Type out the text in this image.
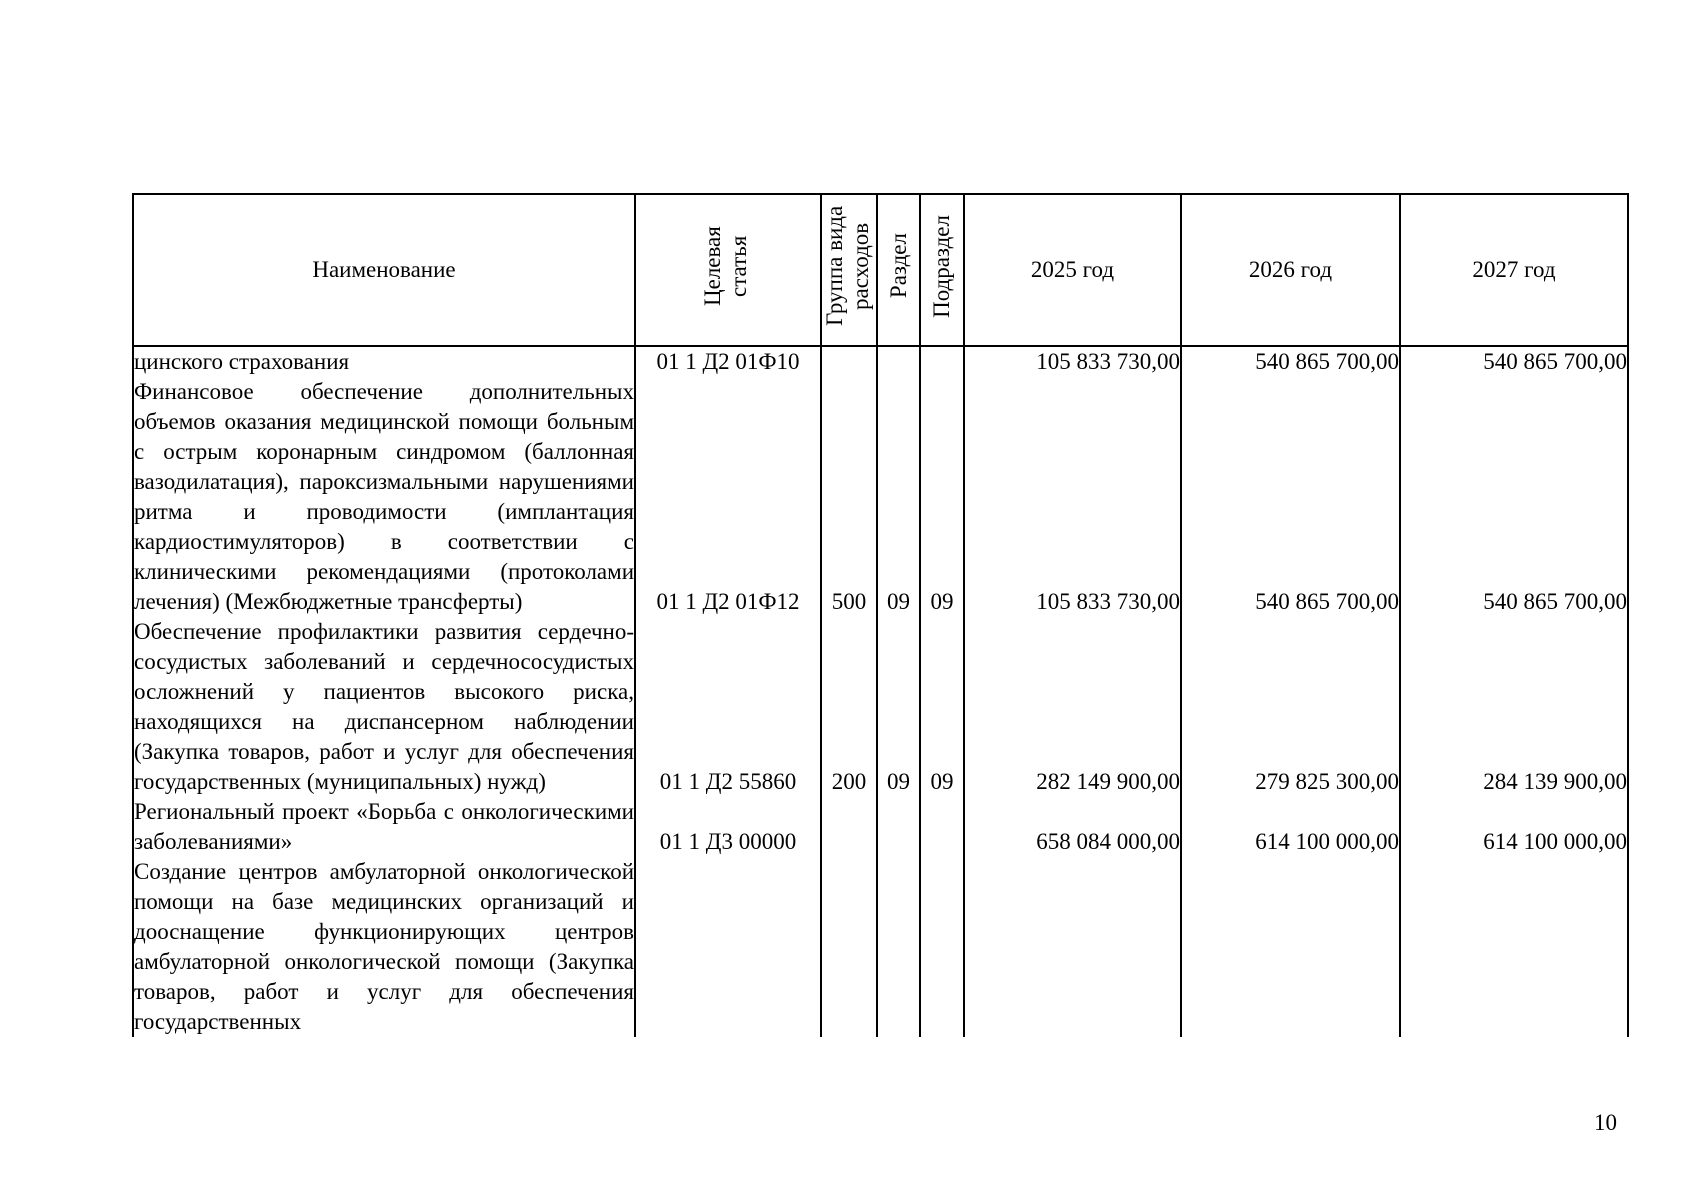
Наименование	Целевая статья	Группа вида расходов	Раздел	Подраздел	2025 год	2026 год	2027 год
цинского страхования	01 1 Д2 01Ф10				105 833 730,00	540 865 700,00	540 865 700,00
Финансовое обеспечение дополнительных объемов оказания медицинской помощи больным с острым коронарным синдромом (баллонная вазодилатация), пароксизмальными нарушениями ритма и проводимости (имплантация кардиостимуляторов) в соответствии с клиническими рекомендациями (протоколами лечения) (Межбюджетные трансферты)	01 1 Д2 01Ф12	500	09	09	105 833 730,00	540 865 700,00	540 865 700,00
Обеспечение профилактики развития сердечно-сосудистых заболеваний и сердечнососудистых осложнений у пациентов высокого риска, находящихся на диспансерном наблюдении (Закупка товаров, работ и услуг для обеспечения государственных (муниципальных) нужд)	01 1 Д2 55860	200	09	09	282 149 900,00	279 825 300,00	284 139 900,00
Региональный проект «Борьба с онкологическими заболеваниями»	01 1 Д3 00000				658 084 000,00	614 100 000,00	614 100 000,00
Создание центров амбулаторной онкологической помощи на базе медицинских организаций и дооснащение функционирующих центров амбулаторной онкологической помощи (Закупка товаров, работ и услуг для обеспечения государственных							
10
